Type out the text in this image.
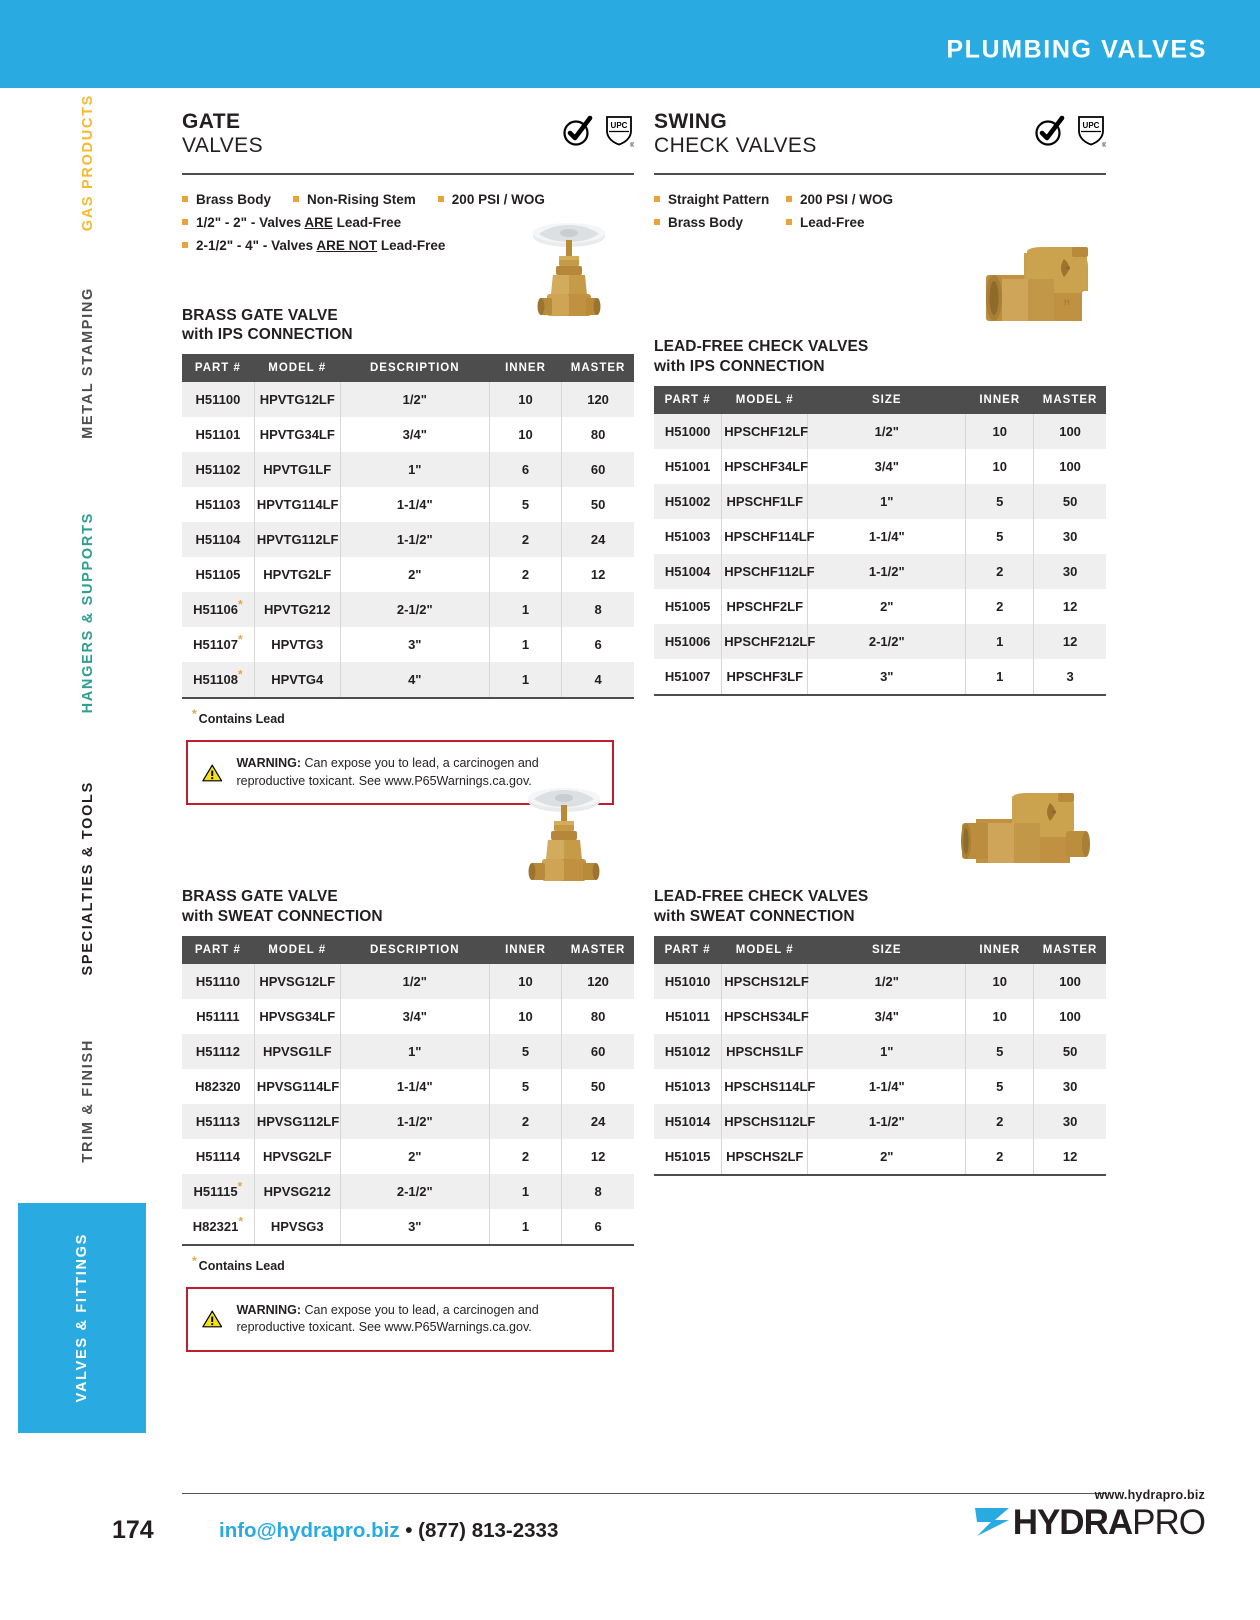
PLUMBING VALVES
GAS PRODUCTS
METAL STAMPING
HANGERS & SUPPORTS
SPECIALTIES & TOOLS
TRIM & FINISH
VALVES & FITTINGS
GATE
VALVES
UPC
®
Brass Body	Non-Rising Stem	200 PSI / WOG
1/2" - 2" - Valves ARE Lead-Free
2-1/2" - 4" - Valves ARE NOT Lead-Free
BRASS GATE VALVE
with IPS CONNECTION
PART #	MODEL #	DESCRIPTION	INNER	MASTER
H51100	HPVTG12LF	1/2"	10	120
H51101	HPVTG34LF	3/4"	10	80
H51102	HPVTG1LF	1"	6	60
H51103	HPVTG114LF	1-1/4"	5	50
H51104	HPVTG112LF	1-1/2"	2	24
H51105	HPVTG2LF	2"	2	12
H51106*	HPVTG212	2-1/2"	1	8
H51107*	HPVTG3	3"	1	6
H51108*	HPVTG4	4"	1	4
* Contains Lead
WARNING: Can expose you to lead, a carcinogen and reproductive toxicant. See www.P65Warnings.ca.gov.
SWING
CHECK VALVES
UPC
®
Straight Pattern 200 PSI / WOG
Brass Body	Lead-Free
H
LEAD-FREE CHECK VALVES
with IPS CONNECTION
PART #	MODEL #	SIZE	INNER	MASTER
H51000	HPSCHF12LF	1/2"	10	100
H51001	HPSCHF34LF	3/4"	10	100
H51002	HPSCHF1LF	1"	5	50
H51003	HPSCHF114LF	1-1/4"	5	30
H51004	HPSCHF112LF	1-1/2"	2	30
H51005	HPSCHF2LF	2"	2	12
H51006	HPSCHF212LF	2-1/2"	1	12
H51007	HPSCHF3LF	3"	1	3
BRASS GATE VALVE
with SWEAT CONNECTION
PART #	MODEL #	DESCRIPTION	INNER	MASTER
H51110	HPVSG12LF	1/2"	10	120
H51111	HPVSG34LF	3/4"	10	80
H51112	HPVSG1LF	1"	5	60
H82320	HPVSG114LF	1-1/4"	5	50
H51113	HPVSG112LF	1-1/2"	2	24
H51114	HPVSG2LF	2"	2	12
H51115*	HPVSG212	2-1/2"	1	8
H82321*	HPVSG3	3"	1	6
* Contains Lead
WARNING: Can expose you to lead, a carcinogen and reproductive toxicant. See www.P65Warnings.ca.gov.
LEAD-FREE CHECK VALVES
with SWEAT CONNECTION
PART #	MODEL #	SIZE	INNER	MASTER
H51010	HPSCHS12LF	1/2"	10	100
H51011	HPSCHS34LF	3/4"	10	100
H51012	HPSCHS1LF	1"	5	50
H51013	HPSCHS114LF	1-1/4"	5	30
H51014	HPSCHS112LF	1-1/2"	2	30
H51015	HPSCHS2LF	2"	2	12
174	info@hydrapro.biz • (877) 813-2333
www.hydrapro.biz
HYDRAPRO
